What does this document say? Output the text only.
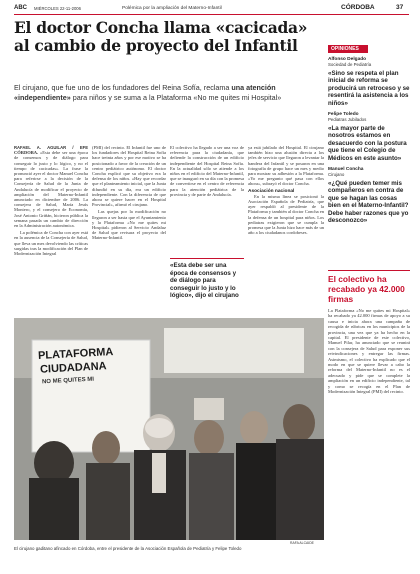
ABC MIÉRCOLES 22-11-2006	Polémica por la ampliación del Materno-Infantil	CÓRDOBA	37
El doctor Concha llama «cacicada» al cambio de proyecto del Infantil
El cirujano, que fue uno de los fundadores del Reina Sofía, reclama una atención «independiente» para niños y se suma a la Plataforma «No me quites mi Hospital»

RAFAEL A. AGUILAR / EFE CÓRDOBA. «Esta debe ser una época de consensos y de diálogo para conseguir lo justo y lo lógico, y no el tiempo de cacicadas». La frase la pronunció ayer el doctor Manuel Concha para referirse a la decisión de la Consejería de Salud de la Junta de Andalucía de modificar el proyecto de ampliación del Materno-Infantil anunciado en diciembre de 2006. La consejera de Salud, María Jesús Montero, y el consejero de Economía, José Antonio Griñán, hicieron pública la semana pasada un cambio de dirección en la Administración autonómica.

La polémica de Concha con ayer está en la ausencia de la Consejería de Salud, que lleva un mes devolviendo las críticas surgidas tras la modificación del Plan de Modernización Integral

(PMI) del recinto. El Infantil fue uno de los fundadores del Hospital Reina Sofía hace treinta años y por ese motivo se ha posicionado a favor de la creación de un centro pediátrico autónomo. El doctor Concha explicó que su objetivo era la defensa de los niños. «Hay que recordar que el planteamiento inicial, que la Junta difundió en su día, era un edificio independiente. Con la diferencia de que ahora se quiere hacer en el Hospital Provincial», afirmó el cirujano.

Las quejas por la modificación no llegaron a ser hasta que el Ayuntamiento y la Plataforma «No me quites mi Hospital» pidieron al Servicio Andaluz de Salud que revisara el proyecto del Materno-Infantil.

El colectivo ha llegado a ser una voz de referencia para la ciudadanía, que defiende la construcción de un edificio independiente del Hospital Reina Sofía. En la actualidad sólo se atiende a los niños en el edificio del Materno-Infantil, que se inauguró en su día con la promesa de convertirse en el centro de referencia para la atención pediátrica de la provincia y de parte de Andalucía.

«Esta debe ser una época de consensos y de diálogo para conseguir lo justo y lo lógico», dijo el cirujano

ya está jubilado del Hospital. El cirujano también hizo una alusión directa a los jefes de servicio que llegaron a levantar la bandera del Infantil y se posaron en una fotografía de grupo hace un mes y medio para mostrar su adhesión a la Plataforma. «Yo me pregunto qué pasa con ellos ahora», subrayó el doctor Concha.

Asociación nacional

En la misma línea se posicionó la Asociación Española de Pediatría, que ayer respaldó al presidente de la Plataforma y también al doctor Concha en la defensa de un hospital para niños. Los pediatras exigieron que se cumpla la promesa que la Junta hizo hace más de un año a los ciudadanos cordobeses.

OPINIONES
Alfonso Delgado
Sociedad de Pediatría
«Sino se respeta el plan inicial de reforma se producirá un retroceso y se resentirá la asistencia a los niños»
Felipe Toledo
Pediatras Jubilados
«La mayor parte de nosotros estamos en desacuerdo con la postura que tiene el Colegio de Médicos en este asunto»
Manuel Concha
Cirujano
«¿Qué pueden temer mis compañeros en contra de que se hagan las cosas bien en el Materno-Infantil? Debe haber razones que yo desconozco»
PLATAFORMA
CIUDADANA
NO ME QUITES MI
RAFA ALCAIDE
El cirujano gaditano afincado en Córdoba, entre el presidente de la Asociación Española de Pediatría y Felipe Toledo
El colectivo ha recabado ya 42.000 firmas
La Plataforma «No me quites mi Hospital» ha recabado ya 42.000 firmas de apoyo a su causa e inicia ahora una campaña de recogida de rúbricas en los municipios de la provincia, una vez que ya ha hecho en la capital. El presidente de este colectivo, Manuel Pilar, ha anunciado que se reunirá con la consejera de Salud para exponer sus reivindicaciones y entregar las firmas. Asimismo, el colectivo ha explicado que el modo en que se quiere llevar a cabo la reforma del Materno-Infantil no es el adecuado y pide que se complete la ampliación en un edificio independiente, tal y como se recogía en el Plan de Modernización Integral (PMI) del recinto.
